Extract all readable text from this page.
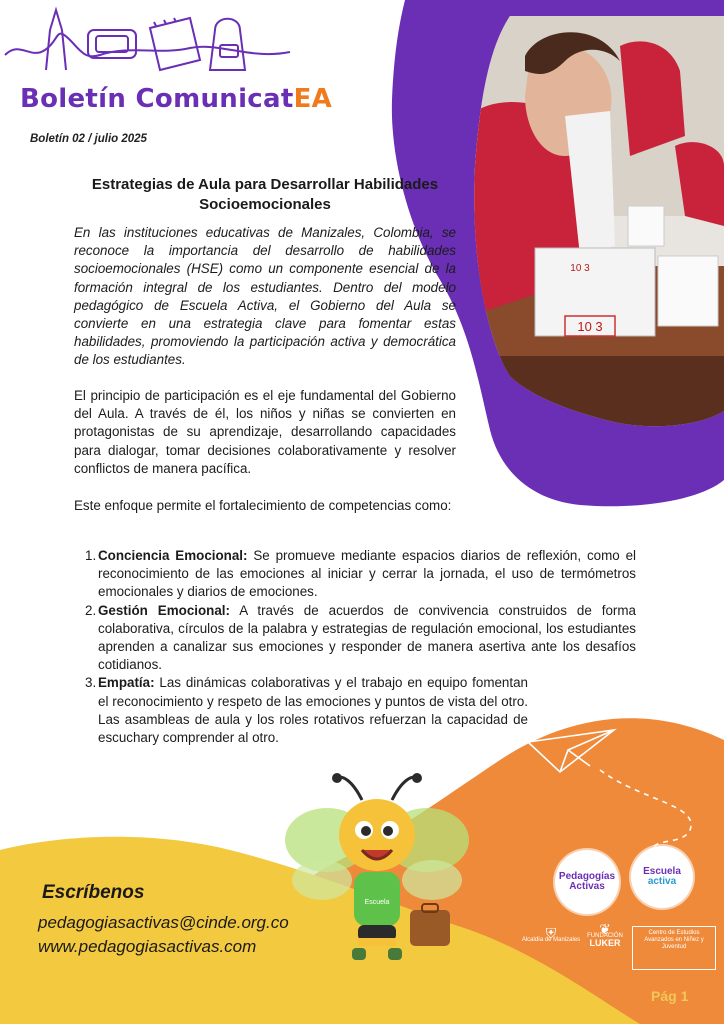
10 3
10 3
Boletín ComunicatEA
Boletín 02 / julio 2025
Estrategias de Aula para Desarrollar Habilidades Socioemocionales
En las instituciones educativas de Manizales, Colombia, se reconoce la importancia del desarrollo de habilidades socioemocionales (HSE) como un componente esencial de la formación integral de los estudiantes. Dentro del modelo pedagógico de Escuela Activa, el Gobierno del Aula se convierte en una estrategia clave para fomentar estas habilidades, promoviendo la participación activa y democrática de los estudiantes.
El principio de participación es el eje fundamental del Gobierno del Aula. A través de él, los niños y niñas se convierten en protagonistas de su aprendizaje, desarrollando capacidades para dialogar, tomar decisiones colaborativamente y resolver conflictos de manera pacífica.
Este enfoque permite el fortalecimiento de competencias como:
1. Conciencia Emocional: Se promueve mediante espacios diarios de reflexión, como el reconocimiento de las emociones al iniciar y cerrar la jornada, el uso de termómetros emocionales y diarios de emociones.
2. Gestión Emocional: A través de acuerdos de convivencia construidos de forma colaborativa, círculos de la palabra y estrategias de regulación emocional, los estudiantes aprenden a canalizar sus emociones y responder de manera asertiva ante los desafíos cotidianos.
3. Empatía: Las dinámicas colaborativas y el trabajo en equipo fomentan el reconocimiento y respeto de las emociones y puntos de vista del otro. Las asambleas de aula y los roles rotativos refuerzan la capacidad de escuchary comprender al otro.
Escuela
Escríbenos
pedagogiasactivas@cinde.org.co
www.pedagogiasactivas.com
Pedagogías
Activas
Escuela
activa
⛨
Alcaldía de Manizales
❦
FUNDACIÓN
LUKER
Centro de Estudios Avanzados en Niñez y Juventud
Pág 1
